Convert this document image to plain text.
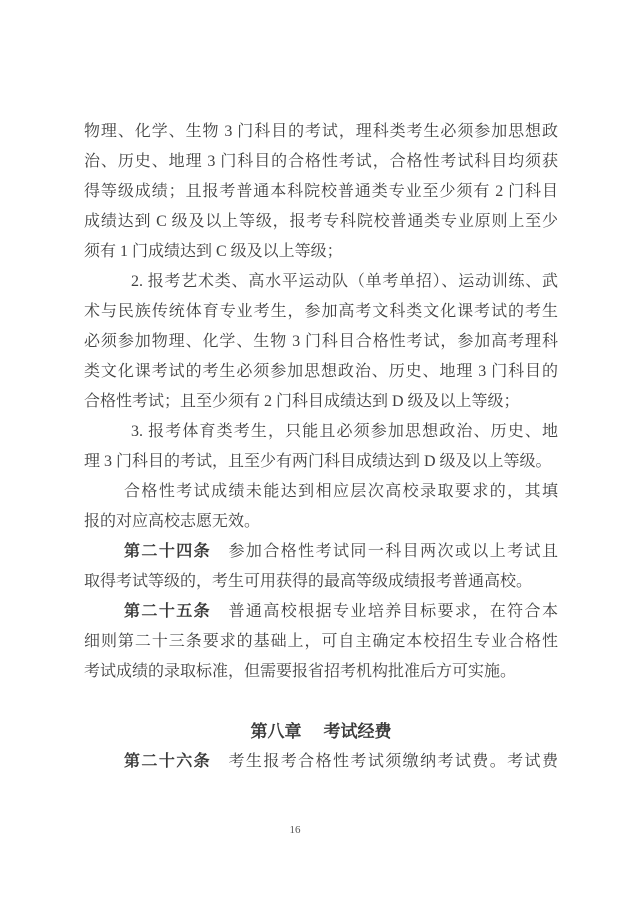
物理、化学、生物 3 门科目的考试，理科类考生必须参加思想政
治、历史、地理 3 门科目的合格性考试，合格性考试科目均须获
得等级成绩；且报考普通本科院校普通类专业至少须有 2 门科目
成绩达到 C 级及以上等级，报考专科院校普通类专业原则上至少
须有 1 门成绩达到 C 级及以上等级；
2. 报考艺术类、高水平运动队（单考单招）、运动训练、武
术与民族传统体育专业考生，参加高考文科类文化课考试的考生
必须参加物理、化学、生物 3 门科目合格性考试，参加高考理科
类文化课考试的考生必须参加思想政治、历史、地理 3 门科目的
合格性考试；且至少须有 2 门科目成绩达到 D 级及以上等级；
3. 报考体育类考生，只能且必须参加思想政治、历史、地
理 3 门科目的考试，且至少有两门科目成绩达到 D 级及以上等级。
合格性考试成绩未能达到相应层次高校录取要求的，其填
报的对应高校志愿无效。
第二十四条　参加合格性考试同一科目两次或以上考试且
取得考试等级的，考生可用获得的最高等级成绩报考普通高校。
第二十五条　普通高校根据专业培养目标要求，在符合本
细则第二十三条要求的基础上，可自主确定本校招生专业合格性
考试成绩的录取标准，但需要报省招考机构批准后方可实施。
第八章 考试经费
第二十六条　考生报考合格性考试须缴纳考试费。考试费
16
